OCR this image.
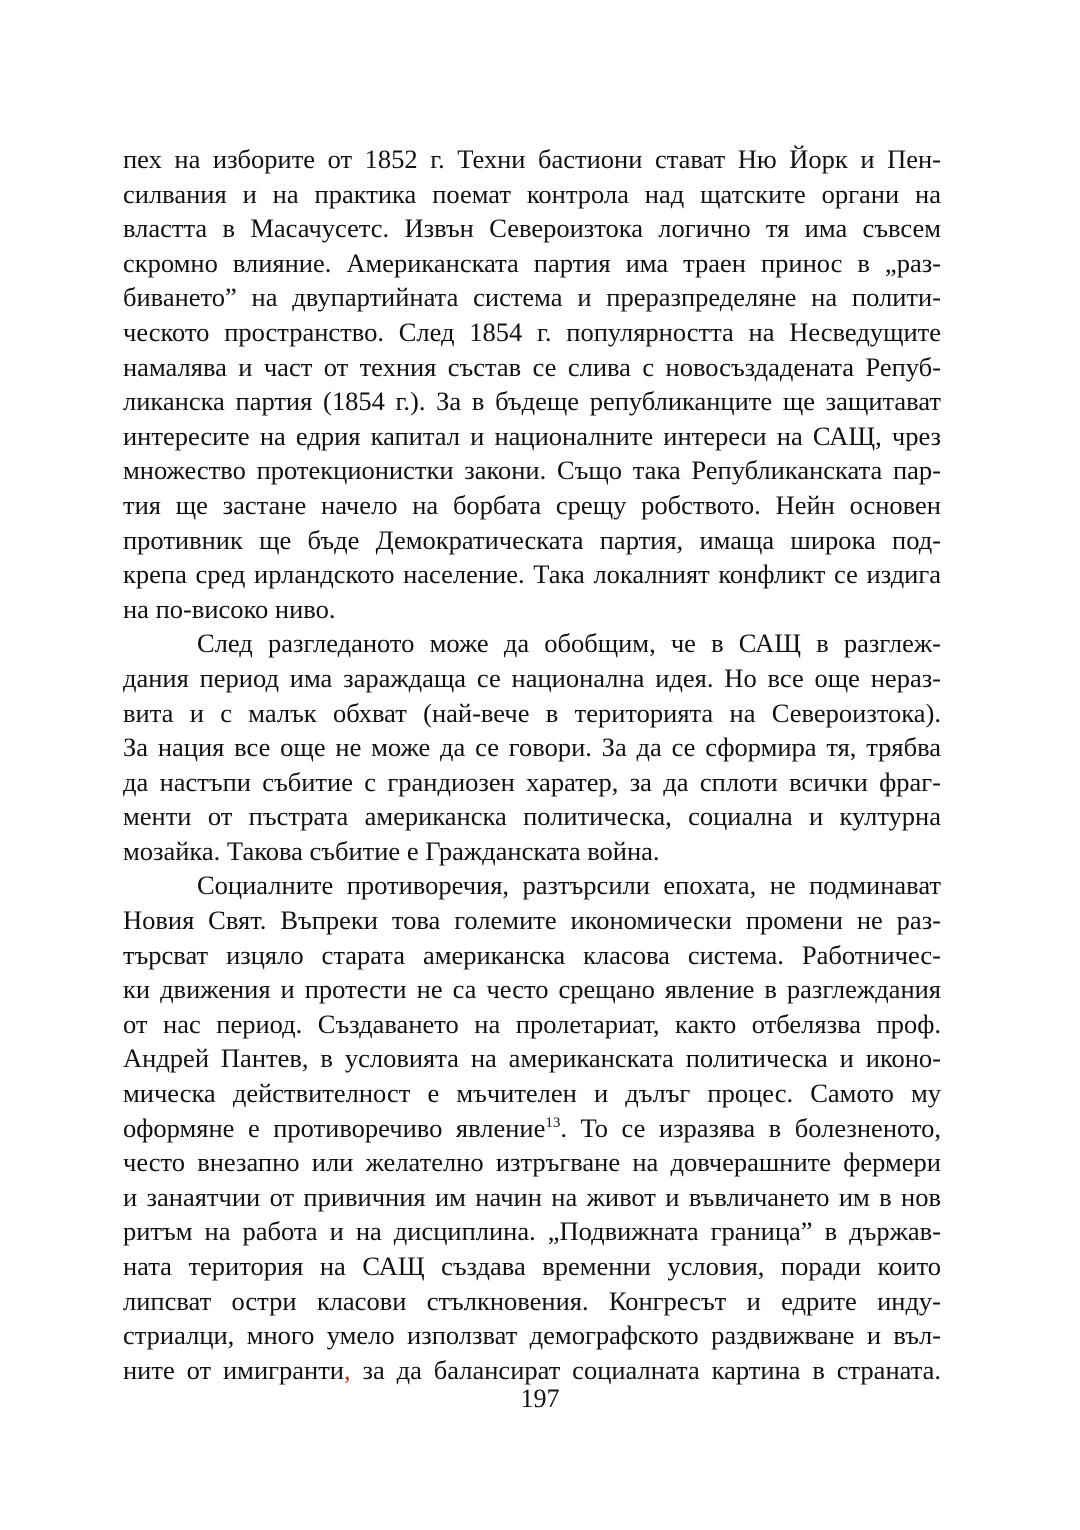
пех на изборите от 1852 г. Техни бастиони стават Ню Йорк и Пен-
силвания и на практика поемат контрола над щатските органи на
властта в Масачусетс. Извън Североизтока логично тя има съвсем
скромно влияние. Американската партия има траен принос в „раз-
биването” на двупартийната система и преразпределяне на полити-
ческото пространство. След 1854 г. популярността на Несведущите
намалява и част от техния състав се слива с новосъздадената Репуб-
ликанска партия (1854 г.). За в бъдеще републиканците ще защитават
интересите на едрия капитал и националните интереси на САЩ, чрез
множество протекционистки закони. Също така Републиканската пар-
тия ще застане начело на борбата срещу робството. Нейн основен
противник ще бъде Демократическата партия, имаща широка под-
крепа сред ирландското население. Така локалният конфликт се издига
на по-високо ниво.
След разгледаното може да обобщим, че в САЩ в разглеж-
дания период има зараждаща се национална идея. Но все още нераз-
вита и с малък обхват (най-вече в територията на Североизтока).
За нация все още не може да се говори. За да се сформира тя, трябва
да настъпи събитие с грандиозен харатер, за да сплоти всички фраг-
менти от пъстрата американска политическа, социална и културна
мозайка. Такова събитие е Гражданската война.
Социалните противоречия, разтърсили епохата, не подминават
Новия Свят. Въпреки това големите икономически промени не раз-
търсват изцяло старата американска класова система. Работничес-
ки движения и протести не са често срещано явление в разглеждания
от нас период. Създаването на пролетариат, както отбелязва проф.
Андрей Пантев, в условията на американската политическа и иконо-
мическа действителност е мъчителен и дълъг процес. Самото му
оформяне е противоречиво явление$^{13}$. То се изразява в болезненото,
често внезапно или желателно изтръгване на довчерашните фермери
и занаятчии от привичния им начин на живот и въвличането им в нов
ритъм на работа и на дисциплина. „Подвижната граница” в държав-
ната територия на САЩ създава временни условия, поради които
липсват остри класови стълкновения. Конгресът и едрите инду-
стриалци, много умело използват демографското раздвижване и въл-
ните от имигранти, за да балансират социалната картина в страната.
197
